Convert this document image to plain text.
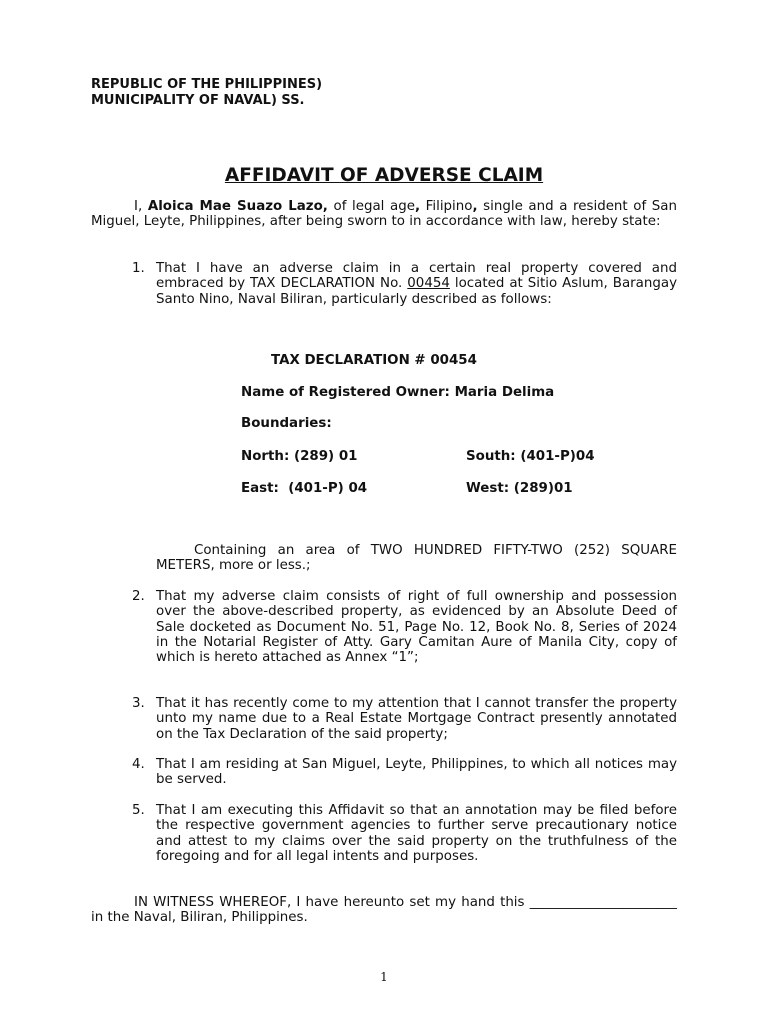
REPUBLIC OF THE PHILIPPINES)
MUNICIPALITY OF NAVAL) SS.
AFFIDAVIT OF ADVERSE CLAIM
I, Aloica Mae Suazo Lazo, of legal age, Filipino, single and a resident of San Miguel, Leyte, Philippines, after being sworn to in accordance with law, hereby state:
1. That I have an adverse claim in a certain real property covered and embraced by TAX DECLARATION No. 00454 located at Sitio Aslum, Barangay Santo Nino, Naval Biliran, particularly described as follows:
TAX DECLARATION # 00454
Name of Registered Owner: Maria Delima
Boundaries:
North: (289) 01	South: (401-P)04
East:  (401-P) 04	West: (289)01
Containing an area of TWO HUNDRED FIFTY-TWO (252) SQUARE METERS, more or less.;
2. That my adverse claim consists of right of full ownership and possession over the above-described property, as evidenced by an Absolute Deed of Sale docketed as Document No. 51, Page No. 12, Book No. 8, Series of 2024 in the Notarial Register of Atty. Gary Camitan Aure of Manila City, copy of which is hereto attached as Annex “1”;
3. That it has recently come to my attention that I cannot transfer the property unto my name due to a Real Estate Mortgage Contract presently annotated on the Tax Declaration of the said property;
4. That I am residing at San Miguel, Leyte, Philippines, to which all notices may be served.
5. That I am executing this Affidavit so that an annotation may be filed before the respective government agencies to further serve precautionary notice and attest to my claims over the said property on the truthfulness of the foregoing and for all legal intents and purposes.
IN WITNESS WHEREOF, I have hereunto set my hand this ______________________ in the Naval, Biliran, Philippines.
1
